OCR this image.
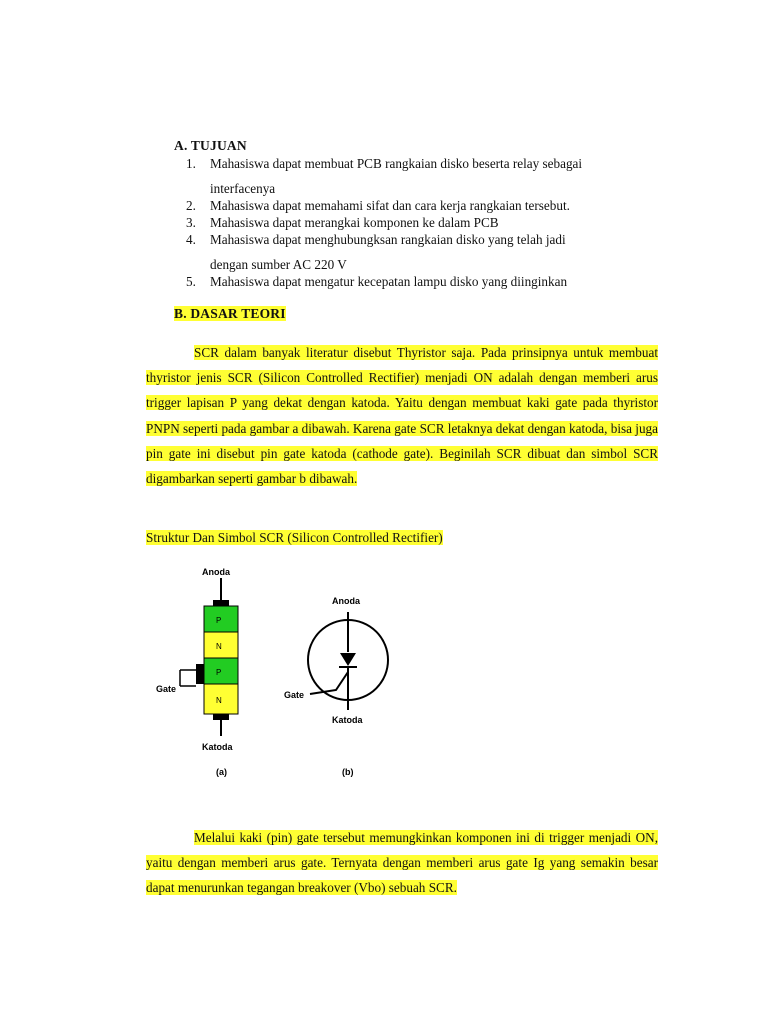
A. TUJUAN
1. Mahasiswa dapat membuat PCB rangkaian disko beserta relay sebagai
interfacenya
2. Mahasiswa dapat memahami sifat dan cara kerja rangkaian tersebut.
3. Mahasiswa dapat merangkai komponen ke dalam PCB
4. Mahasiswa dapat menghubungksan rangkaian disko yang telah jadi
dengan sumber AC 220 V
5. Mahasiswa dapat mengatur kecepatan lampu disko yang diinginkan
B. DASAR TEORI
SCR dalam banyak literatur disebut Thyristor saja. Pada prinsipnya untuk membuat thyristor jenis SCR (Silicon Controlled Rectifier) menjadi ON adalah dengan memberi arus trigger lapisan P yang dekat dengan katoda. Yaitu dengan membuat kaki gate pada thyristor PNPN seperti pada gambar a dibawah. Karena gate SCR letaknya dekat dengan katoda, bisa juga pin gate ini disebut pin gate katoda (cathode gate). Beginilah SCR dibuat dan simbol SCR digambarkan seperti gambar b dibawah.
Struktur Dan Simbol SCR (Silicon Controlled Rectifier)
Anoda
P
N
P
N
Gate
Katoda
(a)
Anoda
Gate
Katoda
(b)
Melalui kaki (pin) gate tersebut memungkinkan komponen ini di trigger menjadi ON, yaitu dengan memberi arus gate. Ternyata dengan memberi arus gate Ig yang semakin besar dapat menurunkan tegangan breakover (Vbo) sebuah SCR.
